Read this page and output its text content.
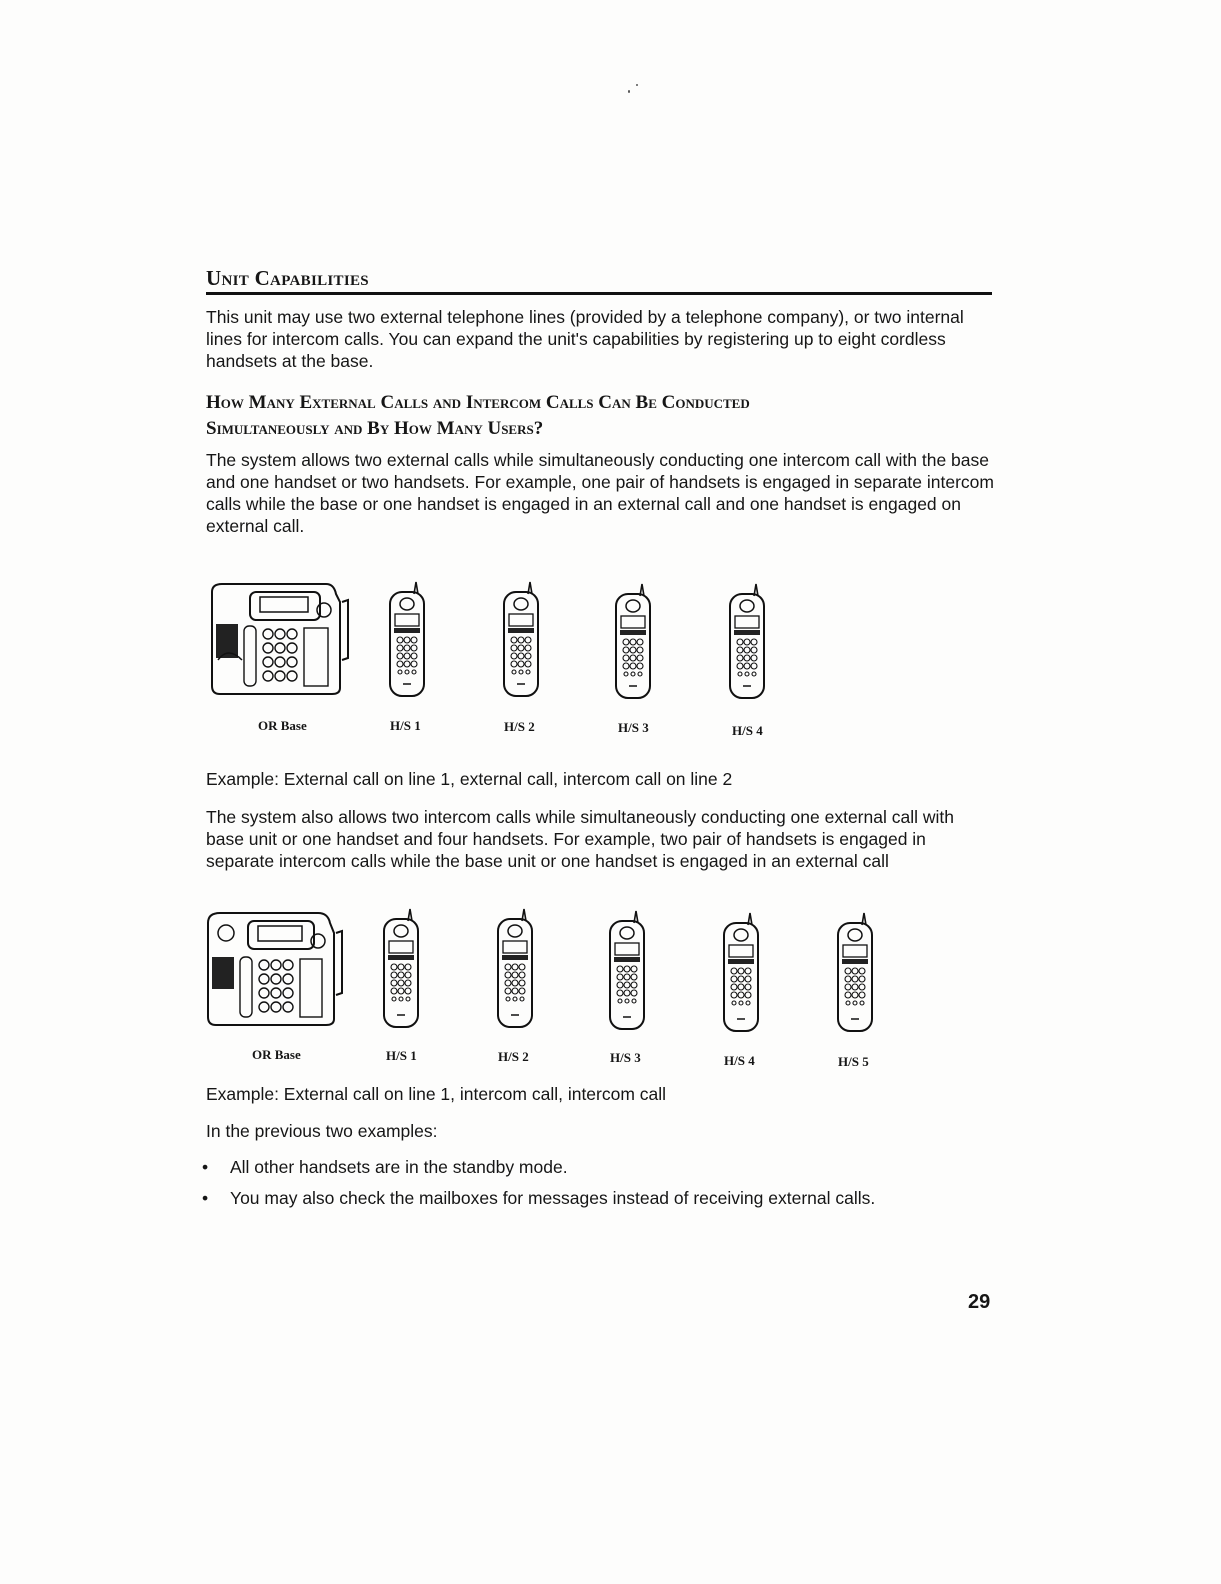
Unit Capabilities

This unit may use two external telephone lines (provided by a telephone company), or two internal lines for intercom calls. You can expand the unit's capabilities by registering up to eight cordless handsets at the base.

How Many External Calls and Intercom Calls Can Be Conducted
Simultaneously and By How Many Users?

The system allows two external calls while simultaneously conducting one intercom call with the base and one handset or two handsets. For example, one pair of handsets is engaged in separate intercom calls while the base or one handset is engaged in an external call and one handset is engaged on external call.

OR Base	H/S 1	H/S 2	H/S 3	H/S 4

Example: External call on line 1, external call, intercom call on line 2

The system also allows two intercom calls while simultaneously conducting one external call with base unit or one handset and four handsets. For example, two pair of handsets is engaged in separate intercom calls while the base unit or one handset is engaged in an external call

OR Base	H/S 1	H/S 2	H/S 3	H/S 4	H/S 5

Example: External call on line 1, intercom call, intercom call

In the previous two examples:

• All other handsets are in the standby mode.
• You may also check the mailboxes for messages instead of receiving external calls.
29
